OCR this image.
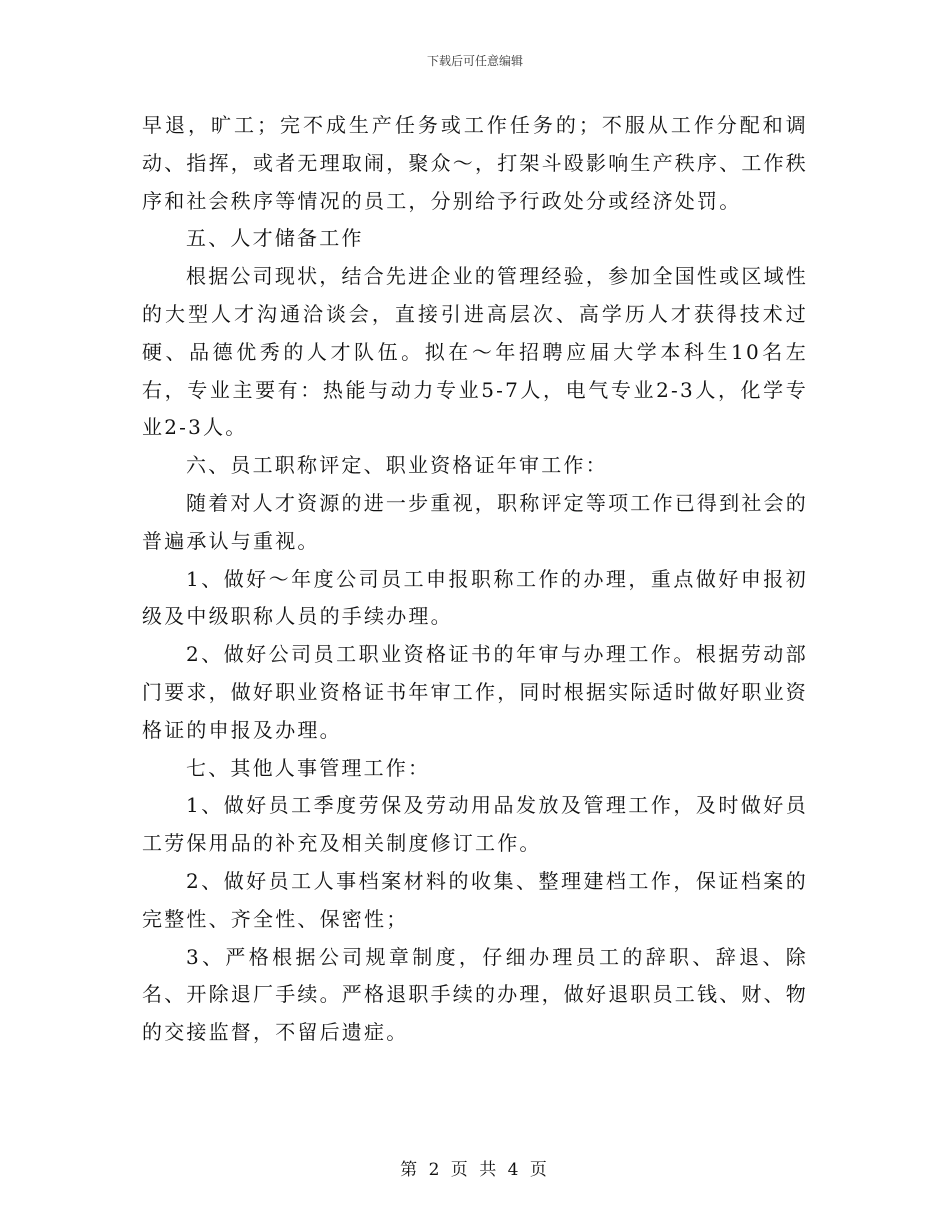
下载后可任意编辑

早退，旷工；完不成生产任务或工作任务的；不服从工作分配和调动、指挥，或者无理取闹，聚众～，打架斗殴影响生产秩序、工作秩序和社会秩序等情况的员工，分别给予行政处分或经济处罚。

五、人才储备工作

根据公司现状，结合先进企业的管理经验，参加全国性或区域性的大型人才沟通洽谈会，直接引进高层次、高学历人才获得技术过硬、品德优秀的人才队伍。拟在～年招聘应届大学本科生10名左右，专业主要有：热能与动力专业5-7人，电气专业2-3人，化学专业2-3人。

六、员工职称评定、职业资格证年审工作：

随着对人才资源的进一步重视，职称评定等项工作已得到社会的普遍承认与重视。

1、做好～年度公司员工申报职称工作的办理，重点做好申报初级及中级职称人员的手续办理。

2、做好公司员工职业资格证书的年审与办理工作。根据劳动部门要求，做好职业资格证书年审工作，同时根据实际适时做好职业资格证的申报及办理。

七、其他人事管理工作：

1、做好员工季度劳保及劳动用品发放及管理工作，及时做好员工劳保用品的补充及相关制度修订工作。

2、做好员工人事档案材料的收集、整理建档工作，保证档案的完整性、齐全性、保密性；

3、严格根据公司规章制度，仔细办理员工的辞职、辞退、除名、开除退厂手续。严格退职手续的办理，做好退职员工钱、财、物的交接监督，不留后遗症。

第 2 页 共 4 页
